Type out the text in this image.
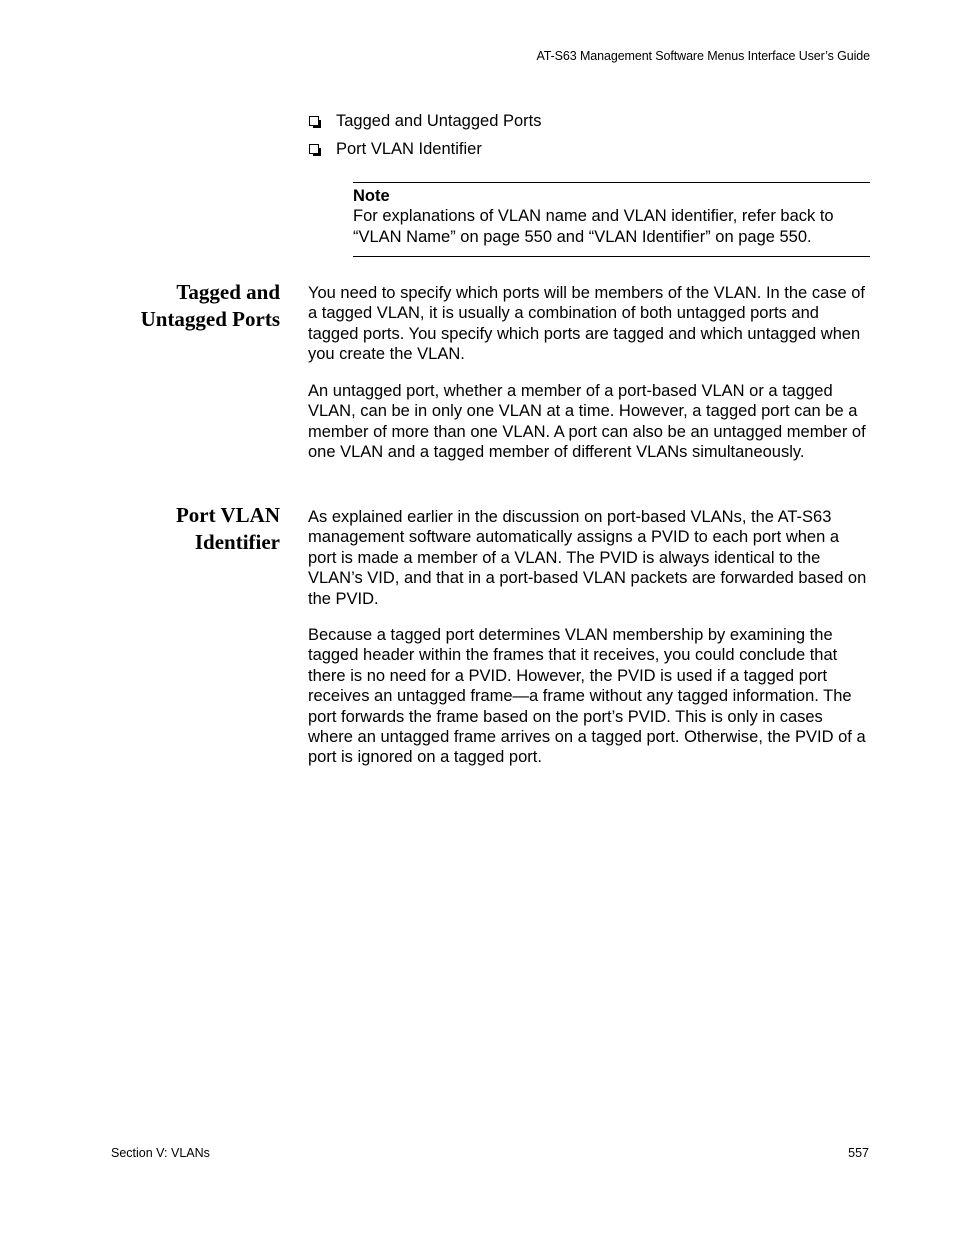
AT-S63 Management Software Menus Interface User’s Guide
Tagged and Untagged Ports
Port VLAN Identifier
Note
For explanations of VLAN name and VLAN identifier, refer back to “VLAN Name” on page 550 and “VLAN Identifier” on page 550.
Tagged and
Untagged Ports

You need to specify which ports will be members of the VLAN. In the case of a tagged VLAN, it is usually a combination of both untagged ports and tagged ports. You specify which ports are tagged and which untagged when you create the VLAN.

An untagged port, whether a member of a port-based VLAN or a tagged VLAN, can be in only one VLAN at a time. However, a tagged port can be a member of more than one VLAN. A port can also be an untagged member of one VLAN and a tagged member of different VLANs simultaneously.

Port VLAN
Identifier

As explained earlier in the discussion on port-based VLANs, the AT-S63 management software automatically assigns a PVID to each port when a port is made a member of a VLAN. The PVID is always identical to the VLAN’s VID, and that in a port-based VLAN packets are forwarded based on the PVID.

Because a tagged port determines VLAN membership by examining the tagged header within the frames that it receives, you could conclude that there is no need for a PVID. However, the PVID is used if a tagged port receives an untagged frame—a frame without any tagged information. The port forwards the frame based on the port’s PVID. This is only in cases where an untagged frame arrives on a tagged port. Otherwise, the PVID of a port is ignored on a tagged port.

Section V: VLANs	557
